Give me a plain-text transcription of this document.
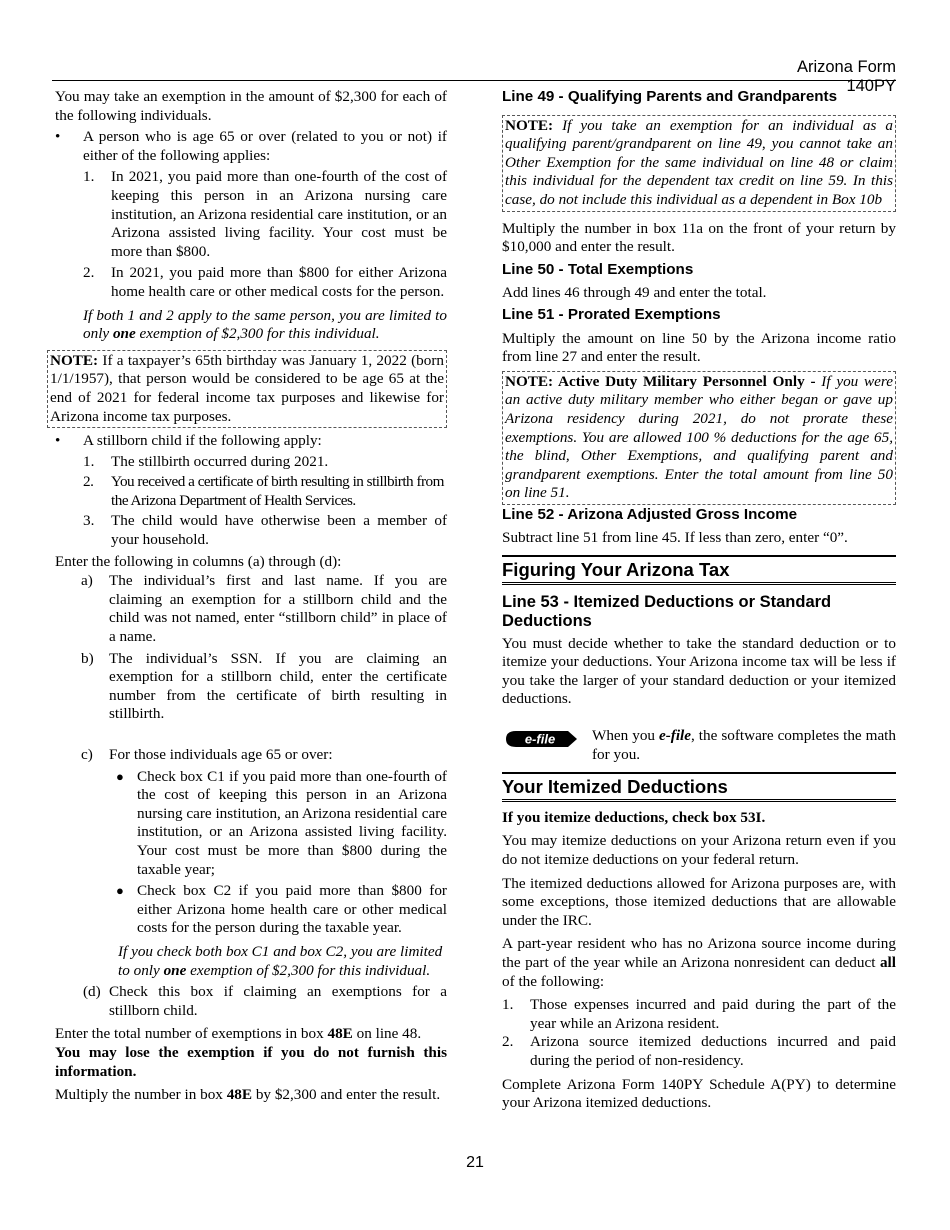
Arizona Form 140PY

You may take an exemption in the amount of $2,300 for each of the following individuals.

• A person who is age 65 or over (related to you or not) if either of the following applies:
1. In 2021, you paid more than one-fourth of the cost of keeping this person in an Arizona nursing care institution, an Arizona residential care institution, or an Arizona assisted living facility. Your cost must be more than $800.
2. In 2021, you paid more than $800 for either Arizona home health care or other medical costs for the person.

If both 1 and 2 apply to the same person, you are limited to only one exemption of $2,300 for this individual.

NOTE: If a taxpayer’s 65th birthday was January 1, 2022 (born 1/1/1957), that person would be considered to be age 65 at the end of 2021 for federal income tax purposes and likewise for Arizona income tax purposes.
• A stillborn child if the following apply:
1. The stillbirth occurred during 2021.
2. You received a certificate of birth resulting in stillbirth from the Arizona Department of Health Services.
3. The child would have otherwise been a member of your household.

Enter the following in columns (a) through (d):

a) The individual’s first and last name. If you are claiming an exemption for a stillborn child and the child was not named, enter “stillborn child” in place of a name.
b) The individual’s SSN. If you are claiming an exemption for a stillborn child, enter the certificate number from the certificate of birth resulting in stillbirth.
c) For those individuals age 65 or over:
● Check box C1 if you paid more than one-fourth of the cost of keeping this person in an Arizona nursing care institution, an Arizona residential care institution, or an Arizona assisted living facility. Your cost must be more than $800 during the taxable year;
● Check box C2 if you paid more than $800 for either Arizona home health care or other medical costs for the person during the taxable year.

If you check both box C1 and box C2, you are limited to only one exemption of $2,300 for this individual.

(d) Check this box if claiming an exemptions for a stillborn child.

Enter the total number of exemptions in box 48E on line 48.

You may lose the exemption if you do not furnish this information.

Multiply the number in box 48E by $2,300 and enter the result.

Line 49 - Qualifying Parents and Grandparents

NOTE: If you take an exemption for an individual as a qualifying parent/grandparent on line 49, you cannot take an Other Exemption for the same individual on line 48 or claim this individual for the dependent tax credit on line 59. In this case, do not include this individual as a dependent in Box 10b

Multiply the number in box 11a on the front of your return by $10,000 and enter the result.

Line 50 - Total Exemptions

Add lines 46 through 49 and enter the total.

Line 51 - Prorated Exemptions

Multiply the amount on line 50 by the Arizona income ratio from line 27 and enter the result.

NOTE: Active Duty Military Personnel Only - If you were an active duty military member who either began or gave up Arizona residency during 2021, do not prorate these exemptions. You are allowed 100 % deductions for the age 65, the blind, Other Exemptions, and qualifying parent and grandparent exemptions. Enter the total amount from line 50 on line 51.

Line 52 - Arizona Adjusted Gross Income

Subtract line 51 from line 45. If less than zero, enter “0”.

Figuring Your Arizona Tax

Line 53 - Itemized Deductions or Standard Deductions

You must decide whether to take the standard deduction or to itemize your deductions. Your Arizona income tax will be less if you take the larger of your standard deduction or your itemized deductions.

e-file When you e-file, the software completes the math for you.

Your Itemized Deductions

If you itemize deductions, check box 53I.

You may itemize deductions on your Arizona return even if you do not itemize deductions on your federal return.

The itemized deductions allowed for Arizona purposes are, with some exceptions, those itemized deductions that are allowable under the IRC.

A part-year resident who has no Arizona source income during the part of the year while an Arizona nonresident can deduct all of the following:

1. Those expenses incurred and paid during the part of the year while an Arizona resident.
2. Arizona source itemized deductions incurred and paid during the period of non-residency.

Complete Arizona Form 140PY Schedule A(PY) to determine your Arizona itemized deductions.

21
